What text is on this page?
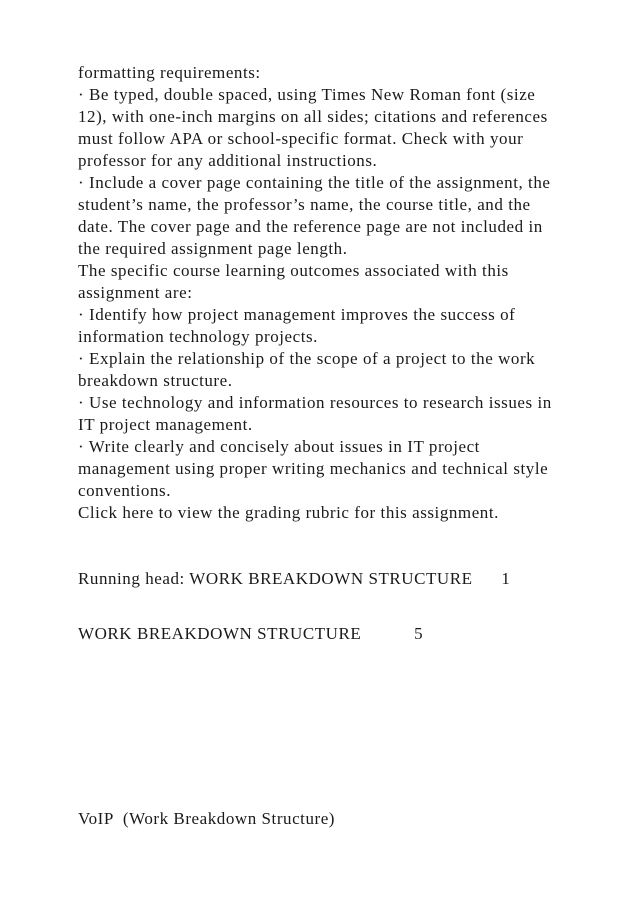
formatting requirements:
· Be typed, double spaced, using Times New Roman font (size
12), with one-inch margins on all sides; citations and references
must follow APA or school-specific format. Check with your
professor for any additional instructions.
· Include a cover page containing the title of the assignment, the
student’s name, the professor’s name, the course title, and the
date. The cover page and the reference page are not included in
the required assignment page length.
The specific course learning outcomes associated with this
assignment are:
· Identify how project management improves the success of
information technology projects.
· Explain the relationship of the scope of a project to the work
breakdown structure.
· Use technology and information resources to research issues in
IT project management.
· Write clearly and concisely about issues in IT project
management using proper writing mechanics and technical style
conventions.
Click here to view the grading rubric for this assignment.
Running head: WORK BREAKDOWN STRUCTURE      1
WORK BREAKDOWN STRUCTURE           5
VoIP  (Work Breakdown Structure)
